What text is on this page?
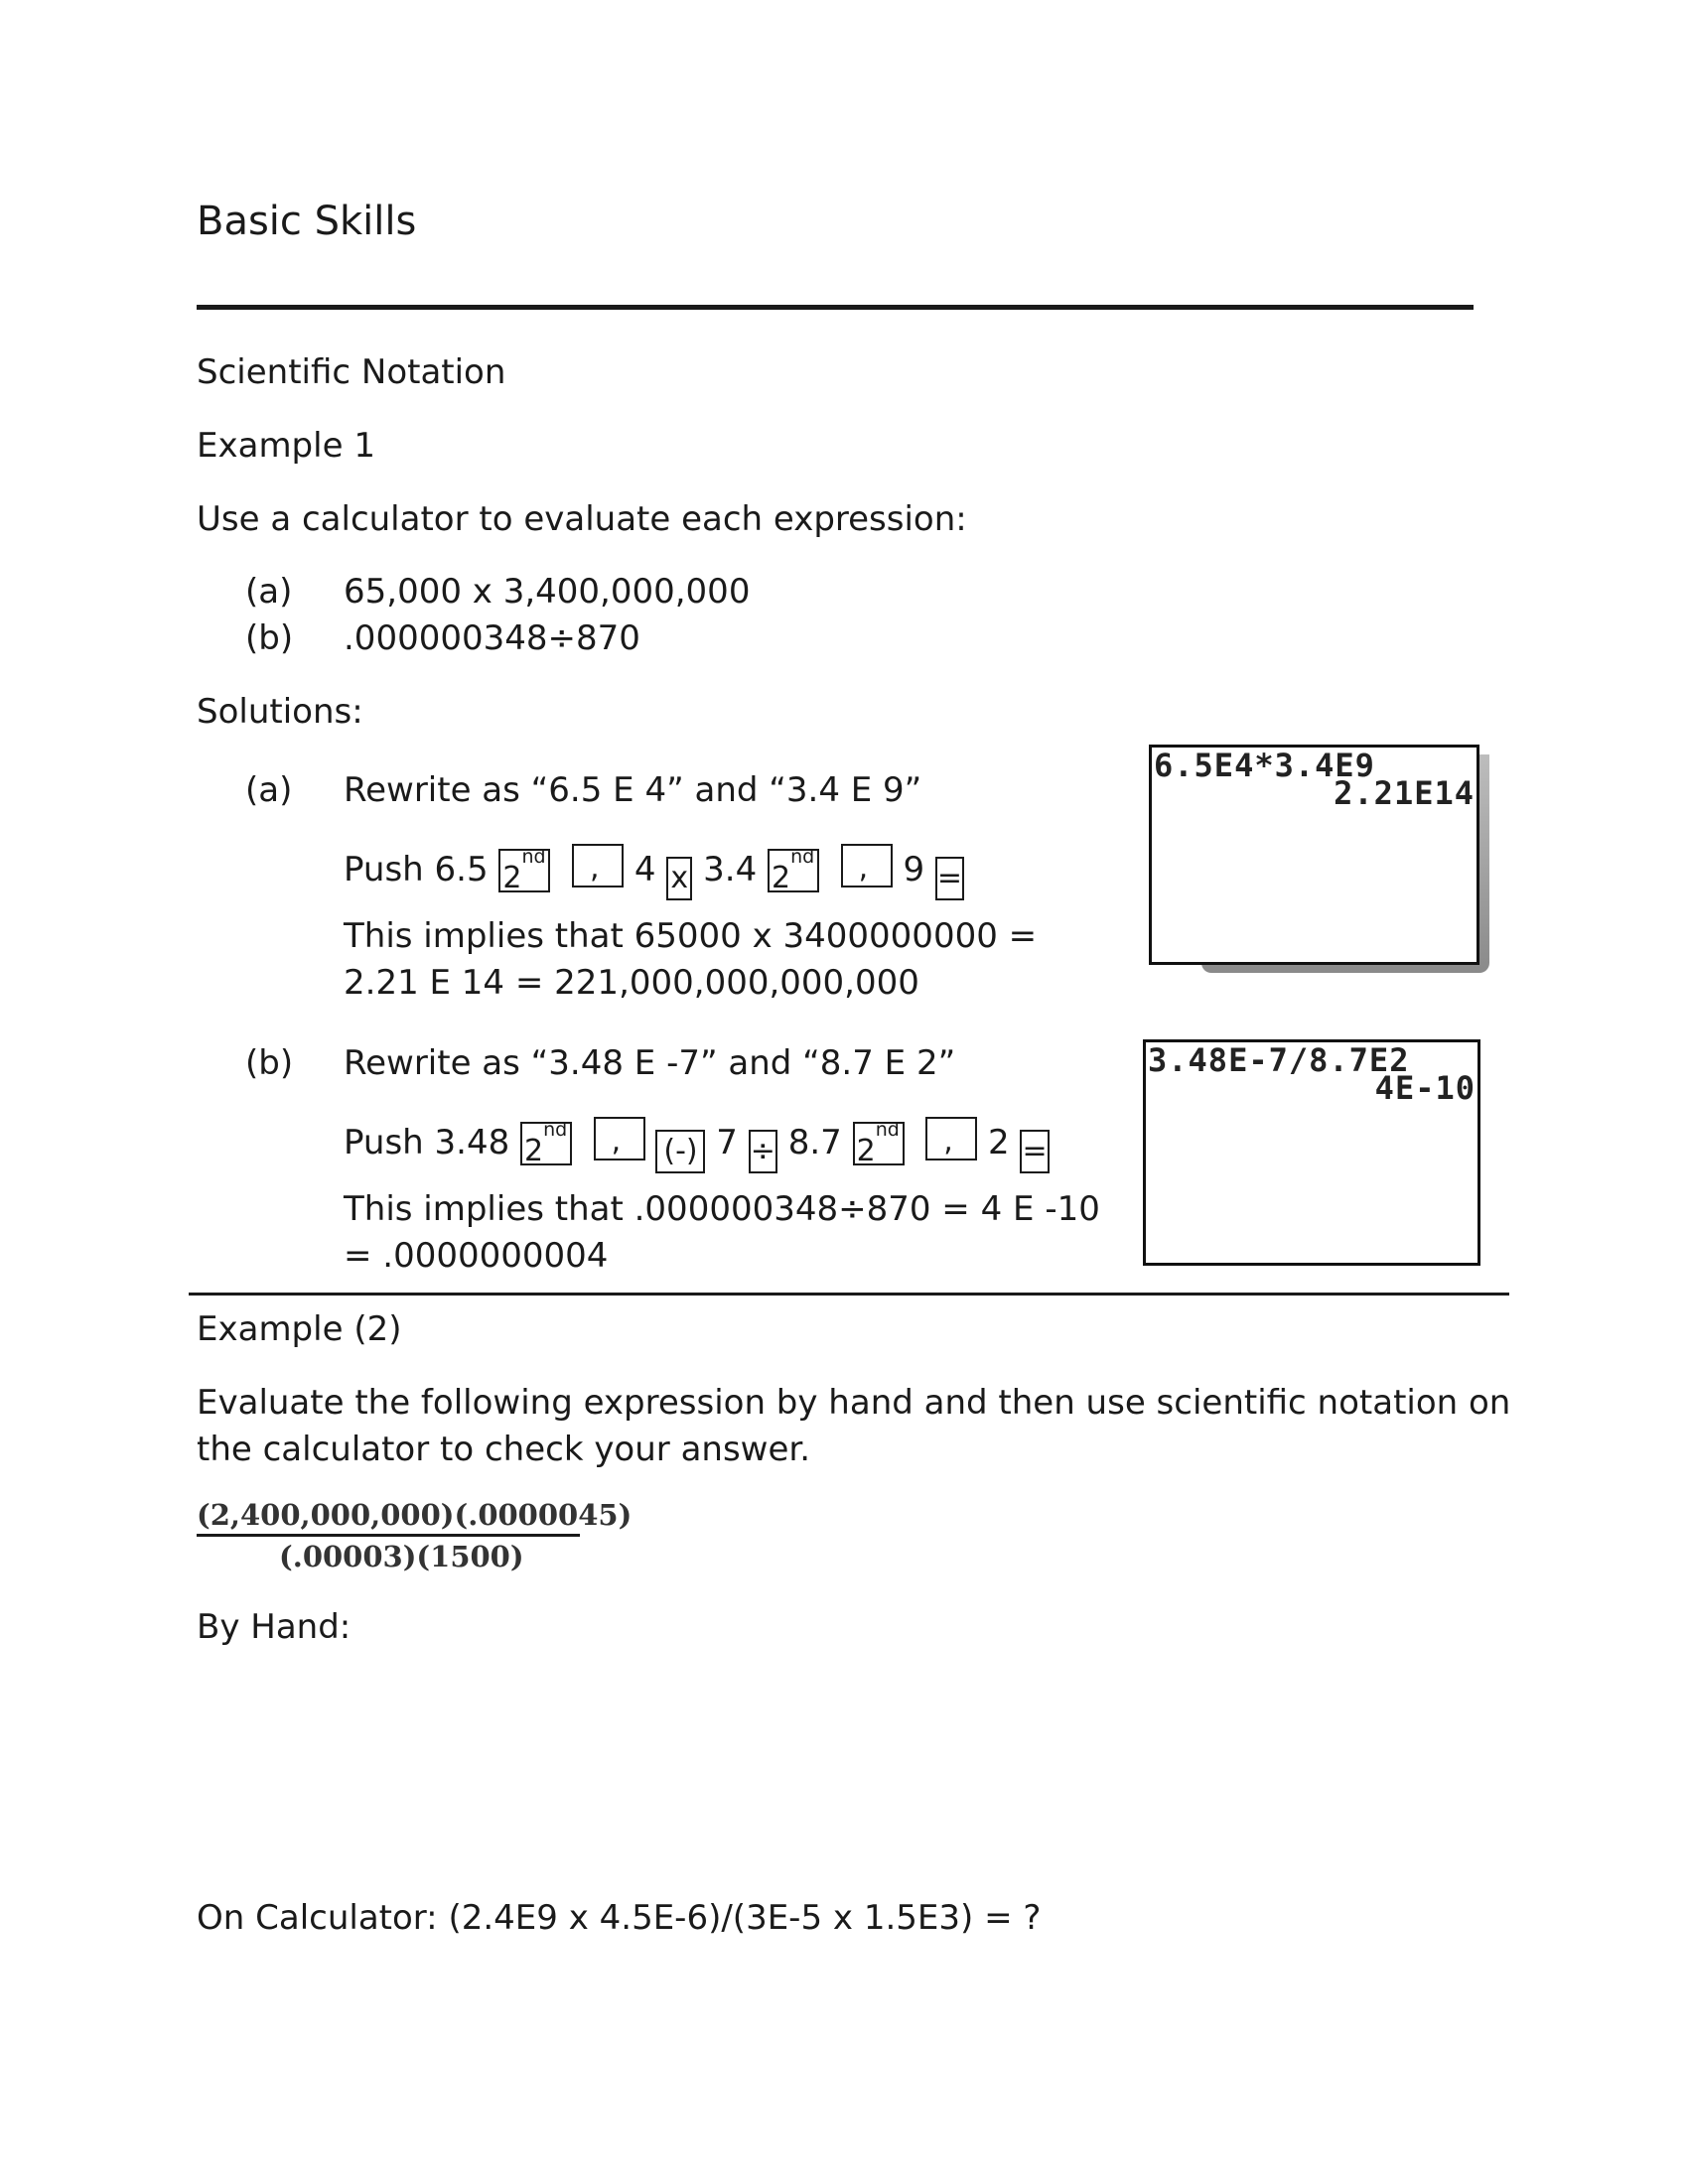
Basic Skills
Scientific Notation
Example 1
Use a calculator to evaluate each expression:
(a) 65,000 x 3,400,000,000
(b) .000000348÷870
Solutions:
(a) Rewrite as “6.5 E 4” and “3.4 E 9”
Push 6.5 2nd , 4 x 3.4 2nd , 9 =
This implies that 65000 x 3400000000 =
2.21 E 14 = 221,000,000,000,000
6.5E4*3.4E9
2.21E14
(b) Rewrite as “3.48 E -7” and “8.7 E 2”
Push 3.48 2nd , (-) 7 ÷ 8.7 2nd , 2 =
This implies that .000000348÷870 = 4 E -10
= .0000000004
3.48E-7/8.7E2
4E-10
Example (2)
Evaluate the following expression by hand and then use scientific notation on
the calculator to check your answer.
(2,400,000,000)(.0000045)
(.00003)(1500)
By Hand:
On Calculator: (2.4E9 x 4.5E-6)/(3E-5 x 1.5E3) = ?
